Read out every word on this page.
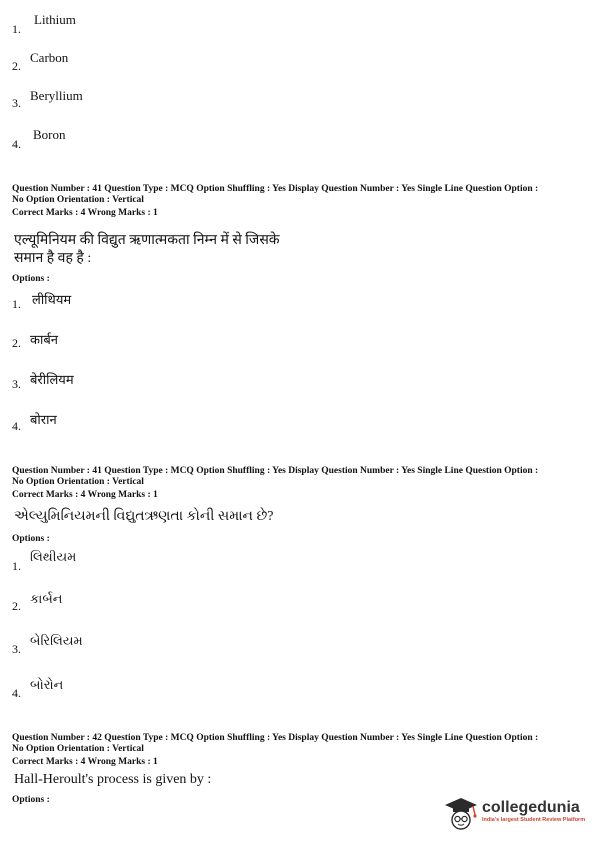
1.
Lithium
2.
Carbon
3. Beryllium
4.
Boron
Question Number : 41 Question Type : MCQ Option Shuffling : Yes Display Question Number : Yes Single Line Question Option :
No Option Orientation : Vertical
Correct Marks : 4 Wrong Marks : 1
एल्यूमिनियम की विद्युत ऋणात्मकता निम्न में से जिसके
समान है वह है :
Options :
1. लीथियम
2. कार्बन
3. बेरीलियम
4. बोरान
Question Number : 41 Question Type : MCQ Option Shuffling : Yes Display Question Number : Yes Single Line Question Option :
No Option Orientation : Vertical
Correct Marks : 4 Wrong Marks : 1
એલ્યુમિનિયમની વિદ્યુતઋણતા કોની સમાન છે?
Options :
1.
લિથીયમ
2. કાર્બન
3.
બેરિલિયમ
4.
બોરોન
Question Number : 42 Question Type : MCQ Option Shuffling : Yes Display Question Number : Yes Single Line Question Option :
No Option Orientation : Vertical
Correct Marks : 4 Wrong Marks : 1
Hall-Heroult's process is given by :
Options :	collegedunia
India's largest Student Review Platform
